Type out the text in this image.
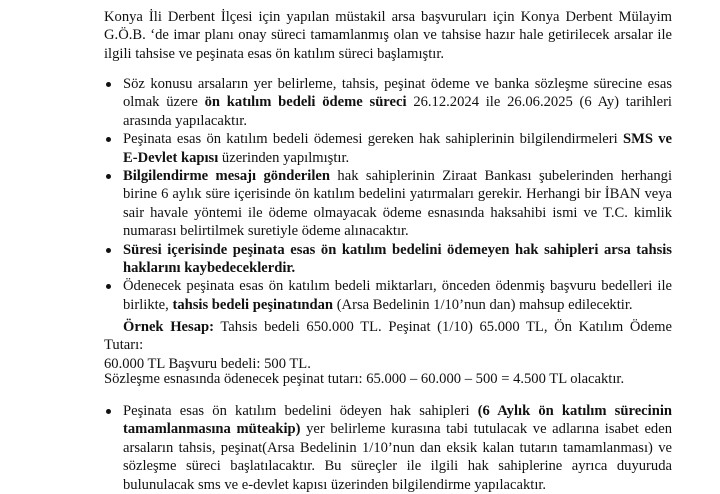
Konya İli Derbent İlçesi için yapılan müstakil arsa başvuruları için Konya Derbent Mülayim G.Ö.B. ‘de imar planı onay süreci tamamlanmış olan ve tahsise hazır hale getirilecek arsalar ile ilgili tahsise ve peşinata esas ön katılım süreci başlamıştır.

Söz konusu arsaların yer belirleme, tahsis, peşinat ödeme ve banka sözleşme sürecine esas olmak üzere ön katılım bedeli ödeme süreci 26.12.2024 ile 26.06.2025 (6 Ay) tarihleri arasında yapılacaktır.
Peşinata esas ön katılım bedeli ödemesi gereken hak sahiplerinin bilgilendirmeleri SMS ve E-Devlet kapısı üzerinden yapılmıştır.
Bilgilendirme mesajı gönderilen hak sahiplerinin Ziraat Bankası şubelerinden herhangi birine 6 aylık süre içerisinde ön katılım bedelini yatırmaları gerekir. Herhangi bir İBAN veya sair havale yöntemi ile ödeme olmayacak ödeme esnasında haksahibi ismi ve T.C. kimlik numarası belirtilmek suretiyle ödeme alınacaktır.
Süresi içerisinde peşinata esas ön katılım bedelini ödemeyen hak sahipleri arsa tahsis haklarını kaybedeceklerdir.
Ödenecek peşinata esas ön katılım bedeli miktarları, önceden ödenmiş başvuru bedelleri ile birlikte, tahsis bedeli peşinatından (Arsa Bedelinin 1/10’nun dan) mahsup edilecektir.

Örnek Hesap: Tahsis bedeli 650.000 TL. Peşinat (1/10) 65.000 TL, Ön Katılım Ödeme Tutarı:
60.000 TL Başvuru bedeli: 500 TL.

Sözleşme esnasında ödenecek peşinat tutarı: 65.000 – 60.000 – 500 = 4.500 TL olacaktır.

Peşinata esas ön katılım bedelini ödeyen hak sahipleri (6 Aylık ön katılım sürecinin tamamlanmasına müteakip) yer belirleme kurasına tabi tutulacak ve adlarına isabet eden arsaların tahsis, peşinat(Arsa Bedelinin 1/10’nun dan eksik kalan tutarın tamamlanması) ve sözleşme süreci başlatılacaktır. Bu süreçler ile ilgili hak sahiplerine ayrıca duyuruda bulunulacak sms ve e-devlet kapısı üzerinden bilgilendirme yapılacaktır.
